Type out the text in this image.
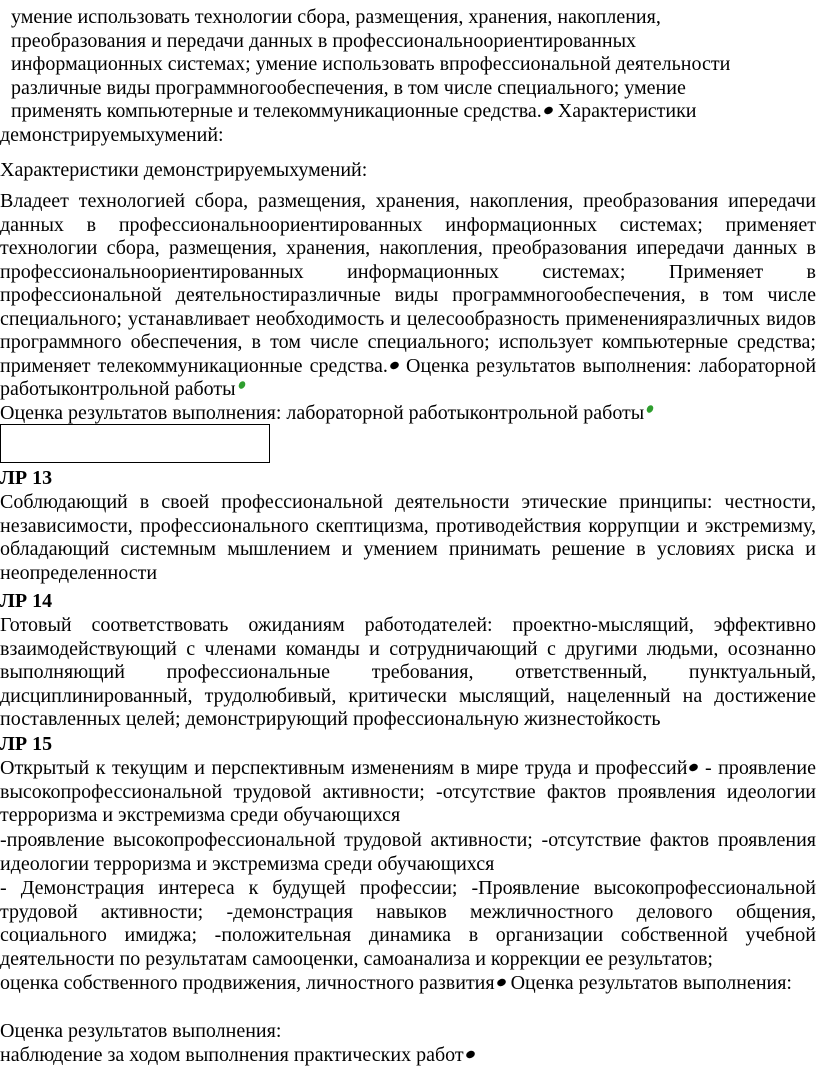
умение использовать технологии сбора, размещения, хранения, накопления,
преобразования и передачи данных в профессиональноориентированных
информационных системах; умение использовать впрофессиональной деятельности
различные виды программногообеспечения, в том числе специального; умение
применять компьютерные и телекоммуникационные средства. Характеристики
демонстрируемыхумений:
Характеристики демонстрируемыхумений:
Владеет технологией сбора, размещения, хранения, накопления, преобразования ипередачи данных в профессиональноориентированных информационных системах; применяет технологии сбора, размещения, хранения, накопления, преобразования ипередачи данных в профессиональноориентированных информационных системах; Применяет в профессиональной деятельностиразличные виды программногообеспечения, в том числе специального; устанавливает необходимость и целесообразность примененияразличных видов программного обеспечения, в том числе специального; использует компьютерные средства; применяет телекоммуникационные средства. Оценка результатов выполнения: лабораторной работыконтрольной работы
Оценка результатов выполнения: лабораторной работыконтрольной работы
ЛР 13
Соблюдающий в своей профессиональной деятельности этические принципы: честности, независимости, профессионального скептицизма, противодействия коррупции и экстремизму, обладающий системным мышлением и умением принимать решение в условиях риска и неопределенности
ЛР 14
Готовый соответствовать ожиданиям работодателей: проектно-мыслящий, эффективно взаимодействующий с членами команды и сотрудничающий с другими людьми, осознанно выполняющий профессиональные требования, ответственный, пунктуальный, дисциплинированный, трудолюбивый, критически мыслящий, нацеленный на достижение поставленных целей; демонстрирующий профессиональную жизнестойкость
ЛР 15
Открытый к текущим и перспективным изменениям в мире труда и профессий - проявление высокопрофессиональной трудовой активности; -отсутствие фактов проявления идеологии терроризма и экстремизма среди обучающихся
-проявление высокопрофессиональной трудовой активности; -отсутствие фактов проявления идеологии терроризма и экстремизма среди обучающихся
- Демонстрация интереса к будущей профессии; -Проявление высокопрофессиональной трудовой активности; -демонстрация навыков межличностного делового общения, социального имиджа; -положительная динамика в организации собственной учебной деятельности по результатам самооценки, самоанализа и коррекции ее результатов;
оценка собственного продвижения, личностного развития Оценка результатов выполнения:
Оценка результатов выполнения:
наблюдение за ходом выполнения практических работ
